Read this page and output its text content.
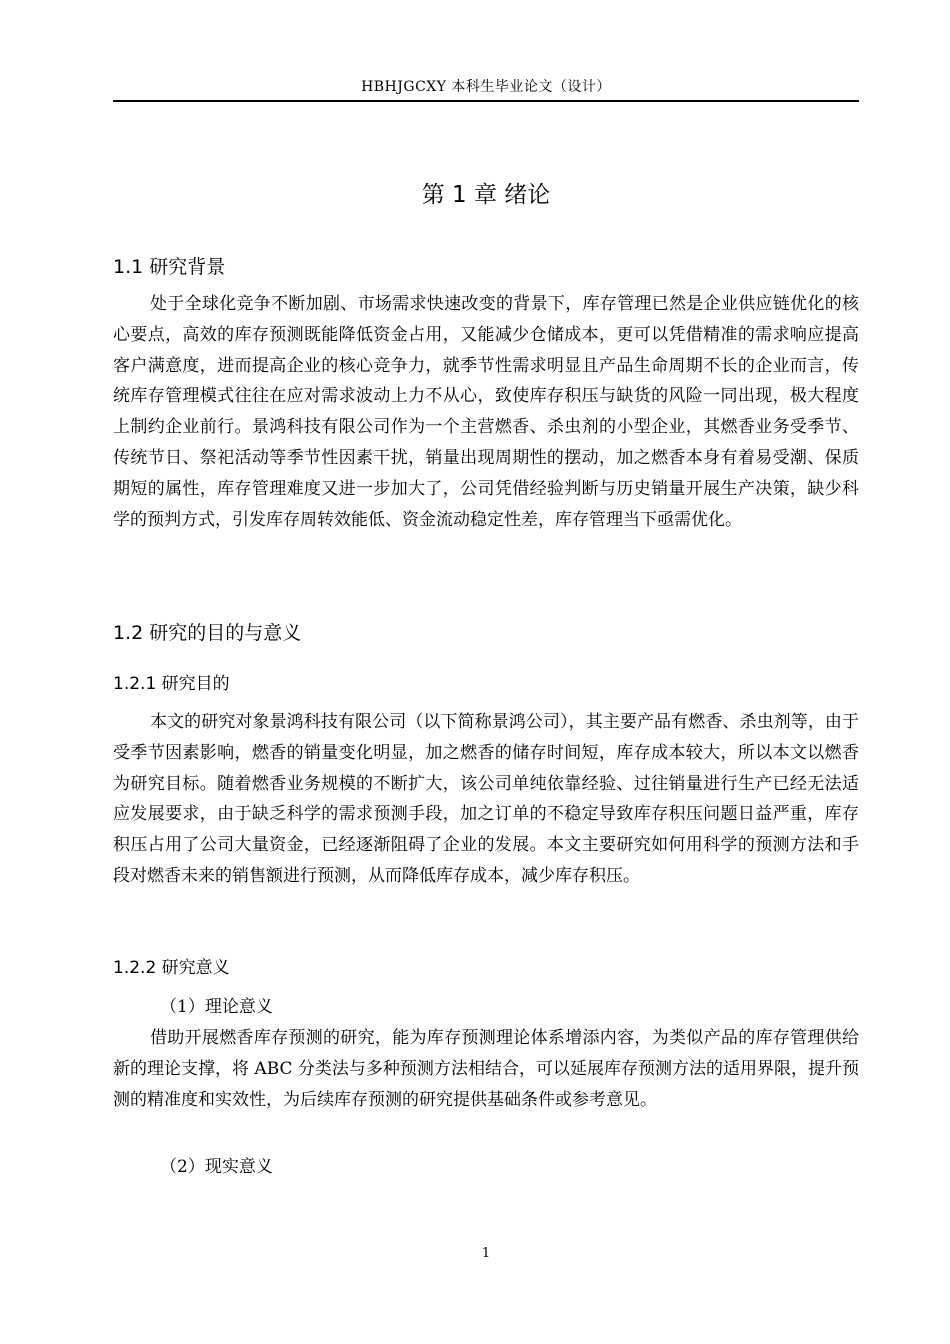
HBHJGCXY 本科生毕业论文（设计）
第 1 章 绪论
1.1 研究背景
处于全球化竞争不断加剧、市场需求快速改变的背景下，库存管理已然是企业供应链优化的核心要点，高效的库存预测既能降低资金占用，又能减少仓储成本，更可以凭借精准的需求响应提高客户满意度，进而提高企业的核心竞争力，就季节性需求明显且产品生命周期不长的企业而言，传统库存管理模式往往在应对需求波动上力不从心，致使库存积压与缺货的风险一同出现，极大程度上制约企业前行。景鸿科技有限公司作为一个主营燃香、杀虫剂的小型企业，其燃香业务受季节、传统节日、祭祀活动等季节性因素干扰，销量出现周期性的摆动，加之燃香本身有着易受潮、保质期短的属性，库存管理难度又进一步加大了，公司凭借经验判断与历史销量开展生产决策，缺少科学的预判方式，引发库存周转效能低、资金流动稳定性差，库存管理当下亟需优化。
1.2 研究的目的与意义
1.2.1 研究目的
本文的研究对象景鸿科技有限公司（以下简称景鸿公司），其主要产品有燃香、杀虫剂等，由于受季节因素影响，燃香的销量变化明显，加之燃香的储存时间短，库存成本较大，所以本文以燃香为研究目标。随着燃香业务规模的不断扩大，该公司单纯依靠经验、过往销量进行生产已经无法适应发展要求，由于缺乏科学的需求预测手段，加之订单的不稳定导致库存积压问题日益严重，库存积压占用了公司大量资金，已经逐渐阻碍了企业的发展。本文主要研究如何用科学的预测方法和手段对燃香未来的销售额进行预测，从而降低库存成本，减少库存积压。
1.2.2 研究意义
（1）理论意义
借助开展燃香库存预测的研究，能为库存预测理论体系增添内容，为类似产品的库存管理供给新的理论支撑，将 ABC 分类法与多种预测方法相结合，可以延展库存预测方法的适用界限，提升预测的精准度和实效性，为后续库存预测的研究提供基础条件或参考意见。
（2）现实意义
1
